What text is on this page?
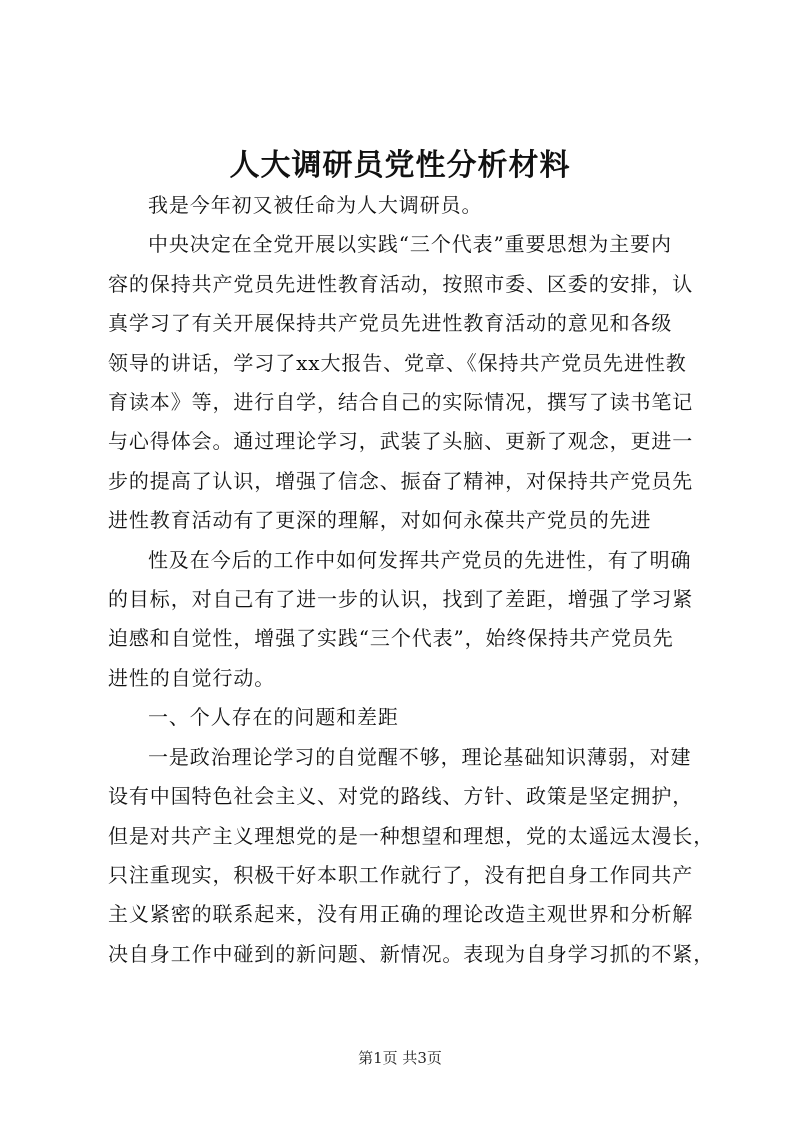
人大调研员党性分析材料

我是今年初又被任命为人大调研员。

中央决定在全党开展以实践“三个代表”重要思想为主要内

容的保持共产党员先进性教育活动，按照市委、区委的安排，认

真学习了有关开展保持共产党员先进性教育活动的意见和各级

领导的讲话，学习了xx大报告、党章、《保持共产党员先进性教

育读本》等，进行自学，结合自己的实际情况，撰写了读书笔记

与心得体会。通过理论学习，武装了头脑、更新了观念，更进一

步的提高了认识，增强了信念、振奋了精神，对保持共产党员先

进性教育活动有了更深的理解，对如何永葆共产党员的先进

性及在今后的工作中如何发挥共产党员的先进性，有了明确

的目标，对自己有了进一步的认识，找到了差距，增强了学习紧

迫感和自觉性，增强了实践“三个代表”，始终保持共产党员先

进性的自觉行动。

一、个人存在的问题和差距

一是政治理论学习的自觉醒不够，理论基础知识薄弱，对建

设有中国特色社会主义、对党的路线、方针、政策是坚定拥护，

但是对共产主义理想党的是一种想望和理想，党的太遥远太漫长，

只注重现实，积极干好本职工作就行了，没有把自身工作同共产

主义紧密的联系起来，没有用正确的理论改造主观世界和分析解

决自身工作中碰到的新问题、新情况。表现为自身学习抓的不紧，

第1页 共3页
